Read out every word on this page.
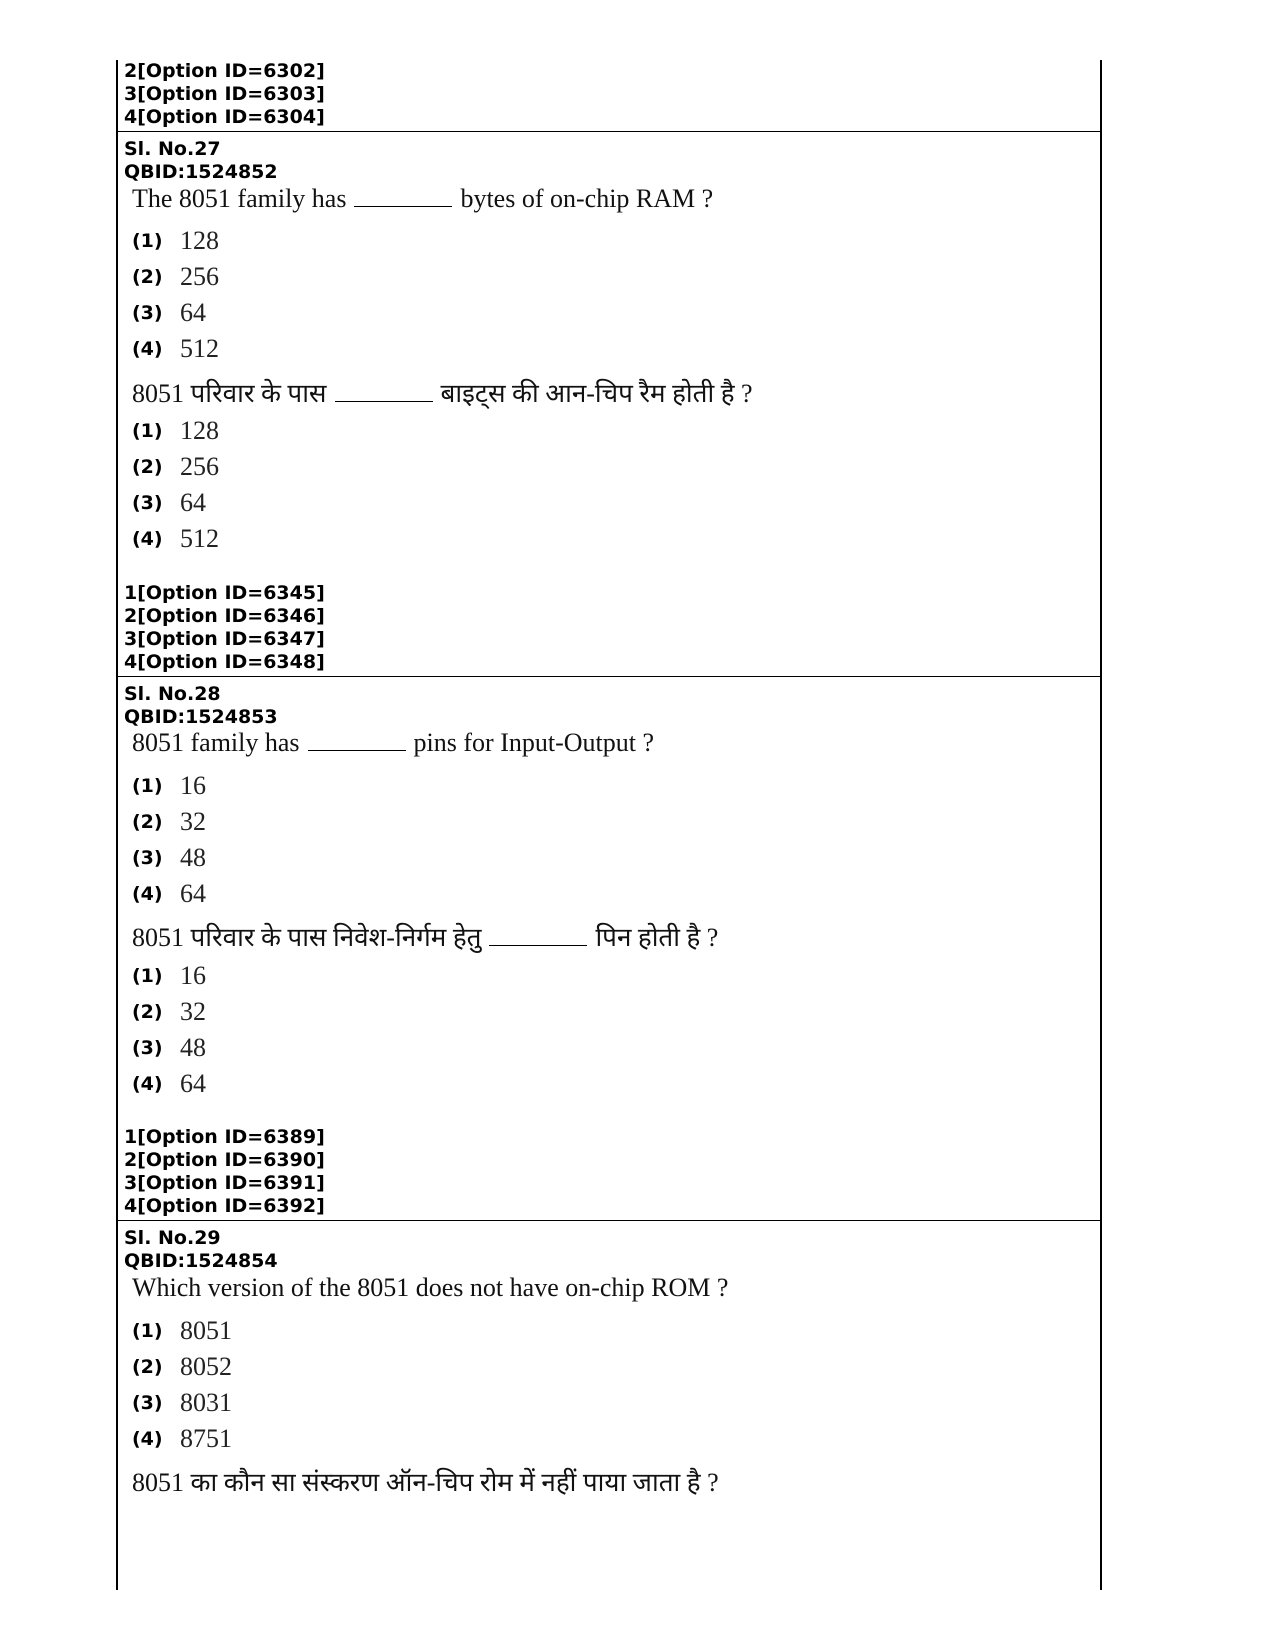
2[Option ID=6302]
3[Option ID=6303]
4[Option ID=6304]
Sl. No.27
QBID:1524852
The 8051 family has	bytes of on-chip RAM ?
(1) 128
(2) 256
(3) 64
(4) 512
8051 परिवार के पास	बाइट्स की आन-चिप रैम होती है ?
(1) 128
(2) 256
(3) 64
(4) 512
1[Option ID=6345]
2[Option ID=6346]
3[Option ID=6347]
4[Option ID=6348]
Sl. No.28
QBID:1524853
8051 family has	pins for Input-Output ?
(1) 16
(2) 32
(3) 48
(4) 64
8051 परिवार के पास निवेश-निर्गम हेतु	पिन होती है ?
(1) 16
(2) 32
(3) 48
(4) 64
1[Option ID=6389]
2[Option ID=6390]
3[Option ID=6391]
4[Option ID=6392]
Sl. No.29
QBID:1524854
Which version of the 8051 does not have on-chip ROM ?
(1) 8051
(2) 8052
(3) 8031
(4) 8751
8051 का कौन सा संस्करण ऑन-चिप रोम में नहीं पाया जाता है ?
